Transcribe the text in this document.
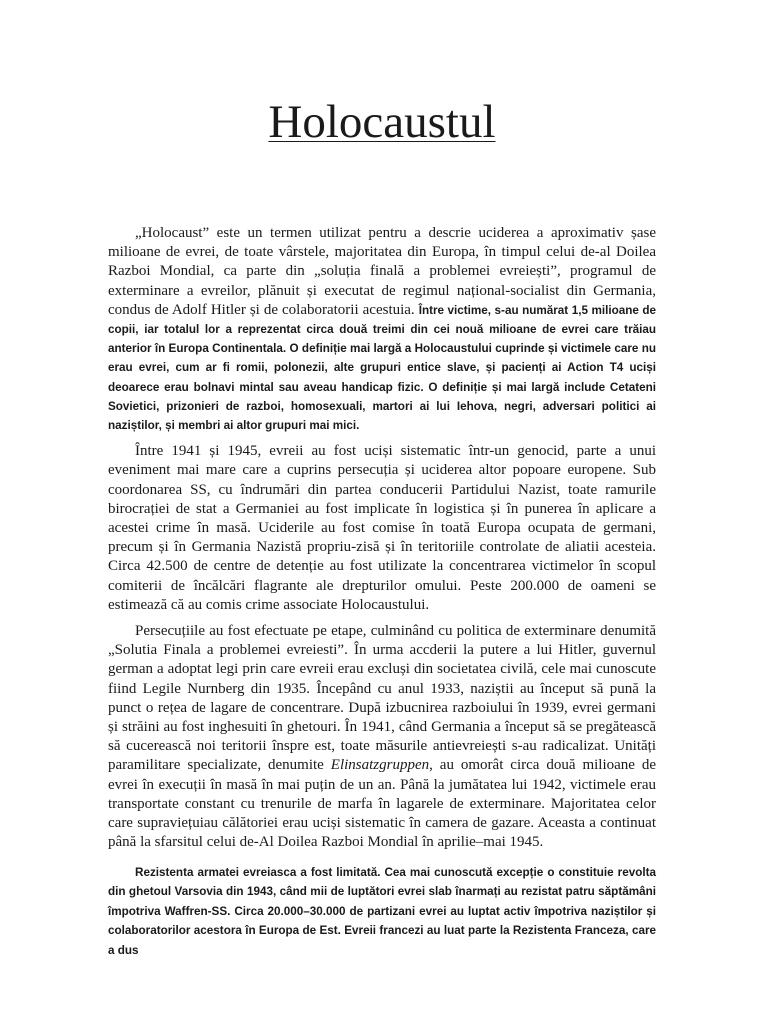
Holocaustul

„Holocaust” este un termen utilizat pentru a descrie uciderea a aproximativ șase milioane de evrei, de toate vârstele, majoritatea din Europa, în timpul celui de-al Doilea Razboi Mondial, ca parte din „soluția finală a problemei evreiești”, programul de exterminare a evreilor, plănuit și executat de regimul național-socialist din Germania, condus de Adolf Hitler și de colaboratorii acestuia. Între victime, s-au numărat 1,5 milioane de copii, iar totalul lor a reprezentat circa două treimi din cei nouă milioane de evrei care trăiau anterior în Europa Continentala. O definiție mai largă a Holocaustului cuprinde și victimele care nu erau evrei, cum ar fi romii, polonezii, alte grupuri entice slave, și pacienți ai Action T4 uciși deoarece erau bolnavi mintal sau aveau handicap fizic. O definiție și mai largă include Cetateni Sovietici, prizonieri de razboi, homosexuali, martori ai lui Iehova, negri, adversari politici ai naziștilor, și membri ai altor grupuri mai mici.

Între 1941 și 1945, evreii au fost uciși sistematic într-un genocid, parte a unui eveniment mai mare care a cuprins persecuția și uciderea altor popoare europene. Sub coordonarea SS, cu îndrumări din partea conducerii Partidului Nazist, toate ramurile birocrației de stat a Germaniei au fost implicate în logistica și în punerea în aplicare a acestei crime în masă. Uciderile au fost comise în toată Europa ocupata de germani, precum și în Germania Nazistă propriu-zisă și în teritoriile controlate de aliatii acesteia. Circa 42.500 de centre de detenție au fost utilizate la concentrarea victimelor în scopul comiterii de încălcări flagrante ale drepturilor omului. Peste 200.000 de oameni se estimează că au comis crime associate Holocaustului.

Persecuțiile au fost efectuate pe etape, culminând cu politica de exterminare denumită „Solutia Finala a problemei evreiesti”. În urma accderii la putere a lui Hitler, guvernul german a adoptat legi prin care evreii erau excluși din societatea civilă, cele mai cunoscute fiind Legile Nurnberg din 1935. Începând cu anul 1933, naziștii au început să pună la punct o rețea de lagare de concentrare. După izbucnirea razboiului în 1939, evrei germani și străini au fost inghesuiti în ghetouri. În 1941, când Germania a început să se pregătească să cucerească noi teritorii înspre est, toate măsurile antievreiești s-au radicalizat. Unități paramilitare specializate, denumite Elinsatzgruppen, au omorât circa două milioane de evrei în execuții în masă în mai puțin de un an. Până la jumătatea lui 1942, victimele erau transportate constant cu trenurile de marfa în lagarele de exterminare. Majoritatea celor care supraviețuiau călătoriei erau uciși sistematic în camera de gazare. Aceasta a continuat până la sfarsitul celui de-Al Doilea Razboi Mondial în aprilie–mai 1945.

Rezistenta armatei evreiasca a fost limitată. Cea mai cunoscută excepție o constituie revolta din ghetoul Varsovia din 1943, când mii de luptători evrei slab înarmați au rezistat patru săptămâni împotriva Waffren-SS. Circa 20.000–30.000 de partizani evrei au luptat activ împotriva naziștilor și colaboratorilor acestora în Europa de Est. Evreii francezi au luat parte la Rezistenta Franceza, care a dus
